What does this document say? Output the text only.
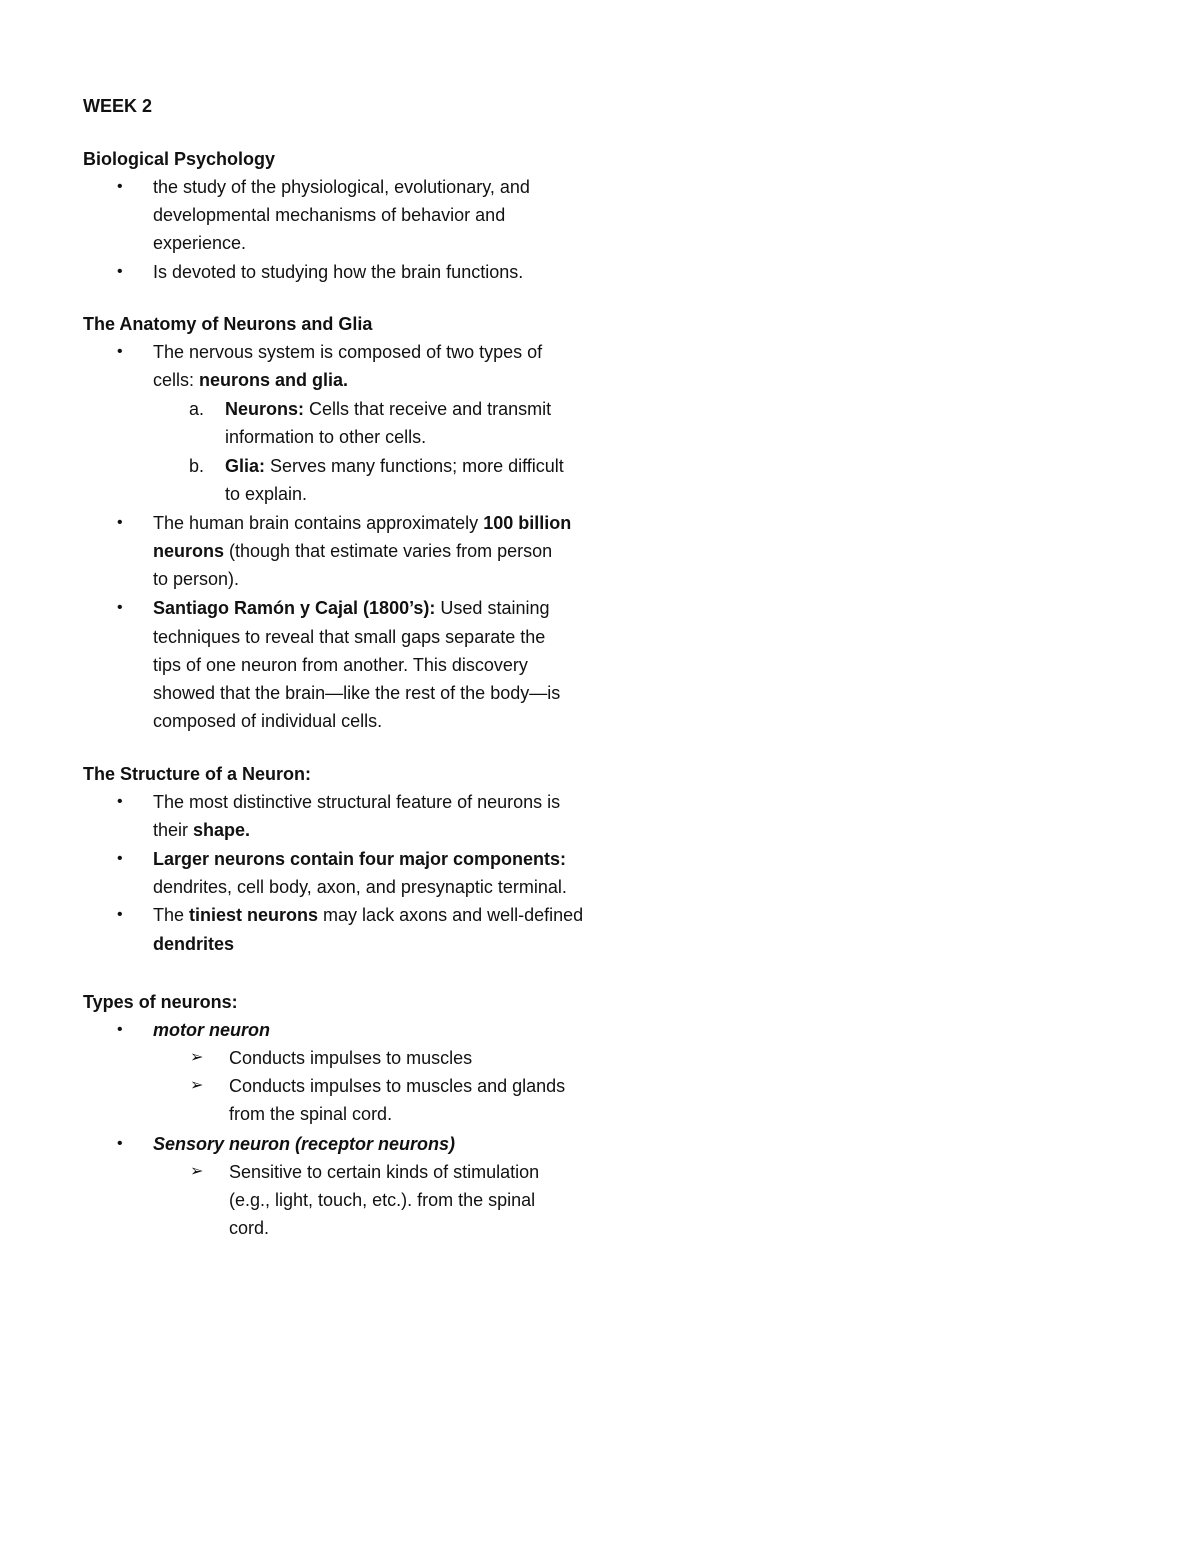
WEEK 2
Biological Psychology
• the study of the physiological, evolutionary, and
developmental mechanisms of behavior and
experience.
• Is devoted to studying how the brain functions.
The Anatomy of Neurons and Glia
• The nervous system is composed of two types of
cells: neurons and glia.
a. Neurons: Cells that receive and transmit
information to other cells.
b. Glia: Serves many functions; more difficult
to explain.
• The human brain contains approximately 100 billion
neurons (though that estimate varies from person
to person).
• Santiago Ramón y Cajal (1800’s): Used staining
techniques to reveal that small gaps separate the
tips of one neuron from another. This discovery
showed that the brain—like the rest of the body—is
composed of individual cells.
The Structure of a Neuron:
• The most distinctive structural feature of neurons is
their shape.
• Larger neurons contain four major components:
dendrites, cell body, axon, and presynaptic terminal.
• The tiniest neurons may lack axons and well-defined
dendrites
Types of neurons:
• motor neuron
➢ Conducts impulses to muscles
➢ Conducts impulses to muscles and glands
from the spinal cord.
• Sensory neuron (receptor neurons)
➢ Sensitive to certain kinds of stimulation
(e.g., light, touch, etc.). from the spinal
cord.
